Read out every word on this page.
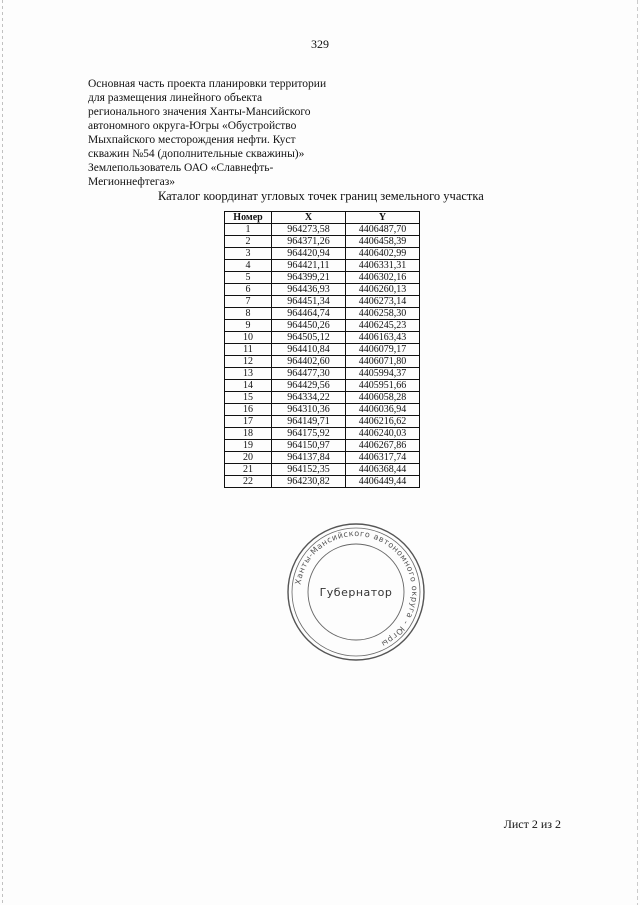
329
Основная часть проекта планировки территории
для размещения линейного объекта
регионального значения Ханты-Мансийского
автономного округа-Югры «Обустройство
Мыхпайского месторождения нефти. Куст
скважин №54 (дополнительные скважины)»
Землепользователь ОАО «Славнефть-
Мегионнефтегаз»
Каталог координат угловых точек границ земельного участка
Номер	X	Y
1	964273,58	4406487,70
2	964371,26	4406458,39
3	964420,94	4406402,99
4	964421,11	4406331,31
5	964399,21	4406302,16
6	964436,93	4406260,13
7	964451,34	4406273,14
8	964464,74	4406258,30
9	964450,26	4406245,23
10	964505,12	4406163,43
11	964410,84	4406079,17
12	964402,60	4406071,80
13	964477,30	4405994,37
14	964429,56	4405951,66
15	964334,22	4406058,28
16	964310,36	4406036,94
17	964149,71	4406216,62
18	964175,92	4406240,03
19	964150,97	4406267,86
20	964137,84	4406317,74
21	964152,35	4406368,44
22	964230,82	4406449,44
Ханты-Мансийского автономного округа - Югры
Губернатор
Лист 2 из 2
